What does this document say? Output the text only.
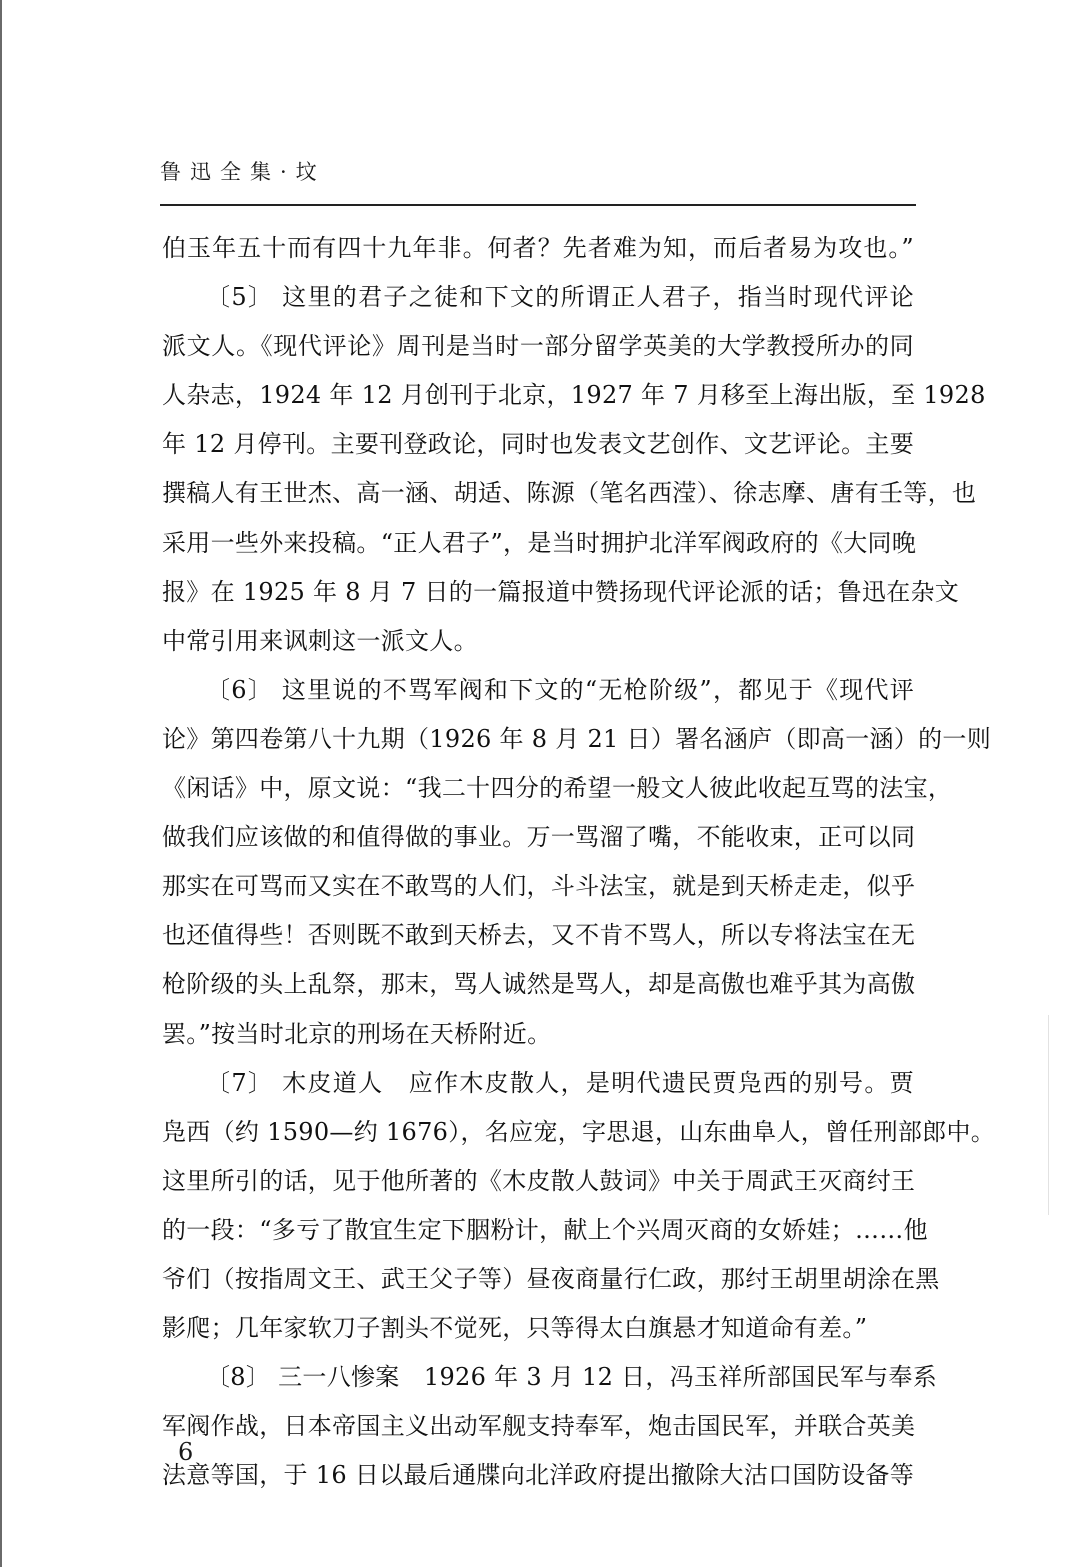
鲁迅全集·坟
伯玉年五十而有四十九年非。何者？先者难为知，而后者易为攻也。”
〔5〕 这里的君子之徒和下文的所谓正人君子，指当时现代评论
派文人。《现代评论》周刊是当时一部分留学英美的大学教授所办的同
人杂志，1924 年 12 月创刊于北京，1927 年 7 月移至上海出版，至 1928
年 12 月停刊。主要刊登政论，同时也发表文艺创作、文艺评论。主要
撰稿人有王世杰、高一涵、胡适、陈源（笔名西滢）、徐志摩、唐有壬等，也
采用一些外来投稿。“正人君子”，是当时拥护北洋军阀政府的《大同晚
报》在 1925 年 8 月 7 日的一篇报道中赞扬现代评论派的话；鲁迅在杂文
中常引用来讽刺这一派文人。
〔6〕 这里说的不骂军阀和下文的“无枪阶级”，都见于《现代评
论》第四卷第八十九期（1926 年 8 月 21 日）署名涵庐（即高一涵）的一则
《闲话》中，原文说：“我二十四分的希望一般文人彼此收起互骂的法宝，
做我们应该做的和值得做的事业。万一骂溜了嘴，不能收束，正可以同
那实在可骂而又实在不敢骂的人们，斗斗法宝，就是到天桥走走，似乎
也还值得些！否则既不敢到天桥去，又不肯不骂人，所以专将法宝在无
枪阶级的头上乱祭，那末，骂人诚然是骂人，却是高傲也难乎其为高傲
罢。”按当时北京的刑场在天桥附近。
〔7〕 木皮道人　应作木皮散人，是明代遗民贾凫西的别号。贾
凫西（约 1590—约 1676），名应宠，字思退，山东曲阜人，曾任刑部郎中。
这里所引的话，见于他所著的《木皮散人鼓词》中关于周武王灭商纣王
的一段：“多亏了散宜生定下胭粉计，献上个兴周灭商的女娇娃；……他
爷们（按指周文王、武王父子等）昼夜商量行仁政，那纣王胡里胡涂在黑
影爬；几年家软刀子割头不觉死，只等得太白旗悬才知道命有差。”
〔8〕 三一八惨案　1926 年 3 月 12 日，冯玉祥所部国民军与奉系
军阀作战，日本帝国主义出动军舰支持奉军，炮击国民军，并联合英美
法意等国，于 16 日以最后通牒向北洋政府提出撤除大沽口国防设备等
6
